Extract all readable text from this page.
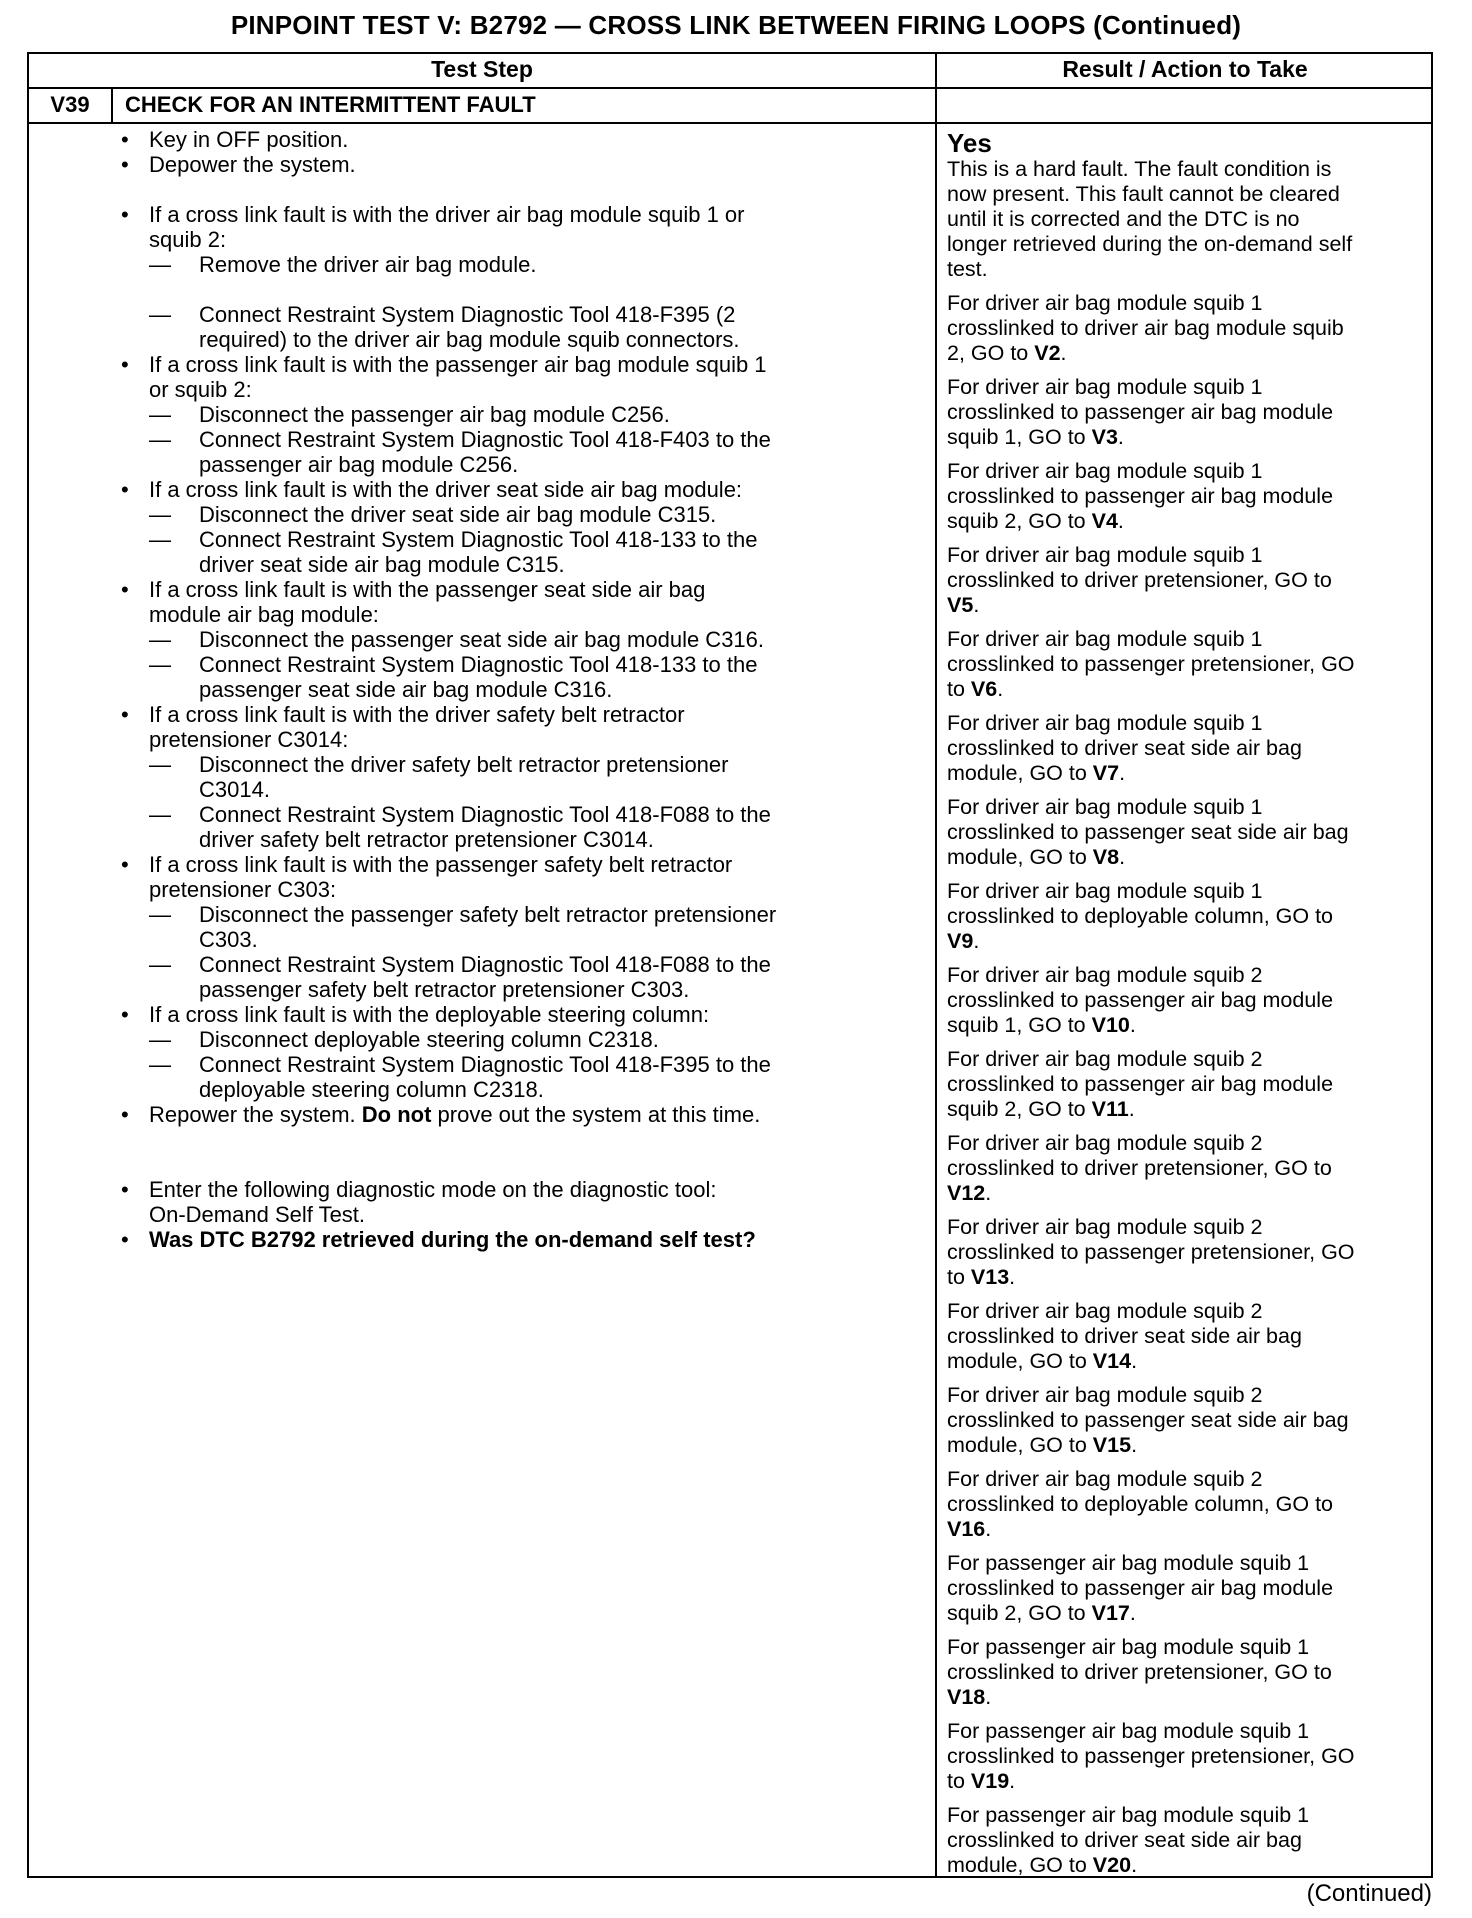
PINPOINT TEST V: B2792 — CROSS LINK BETWEEN FIRING LOOPS (Continued)
Test Step	Result / Action to Take
V39	CHECK FOR AN INTERMITTENT FAULT
• Key in OFF position.
• Depower the system.
• If a cross link fault is with the driver air bag module squib 1 or
squib 2:
— Remove the driver air bag module.
— Connect Restraint System Diagnostic Tool 418-F395 (2
required) to the driver air bag module squib connectors.
• If a cross link fault is with the passenger air bag module squib 1
or squib 2:
— Disconnect the passenger air bag module C256.
— Connect Restraint System Diagnostic Tool 418-F403 to the
passenger air bag module C256.
• If a cross link fault is with the driver seat side air bag module:
— Disconnect the driver seat side air bag module C315.
— Connect Restraint System Diagnostic Tool 418-133 to the
driver seat side air bag module C315.
• If a cross link fault is with the passenger seat side air bag
module air bag module:
— Disconnect the passenger seat side air bag module C316.
— Connect Restraint System Diagnostic Tool 418-133 to the
passenger seat side air bag module C316.
• If a cross link fault is with the driver safety belt retractor
pretensioner C3014:
— Disconnect the driver safety belt retractor pretensioner
C3014.
— Connect Restraint System Diagnostic Tool 418-F088 to the
driver safety belt retractor pretensioner C3014.
• If a cross link fault is with the passenger safety belt retractor
pretensioner C303:
— Disconnect the passenger safety belt retractor pretensioner
C303.
— Connect Restraint System Diagnostic Tool 418-F088 to the
passenger safety belt retractor pretensioner C303.
• If a cross link fault is with the deployable steering column:
— Disconnect deployable steering column C2318.
— Connect Restraint System Diagnostic Tool 418-F395 to the
deployable steering column C2318.
• Repower the system. Do not prove out the system at this time.
• Enter the following diagnostic mode on the diagnostic tool:
On-Demand Self Test.
• Was DTC B2792 retrieved during the on-demand self test?
Yes
This is a hard fault. The fault condition is
now present. This fault cannot be cleared
until it is corrected and the DTC is no
longer retrieved during the on-demand self
test.
For driver air bag module squib 1
crosslinked to driver air bag module squib
2, GO to V2.
For driver air bag module squib 1
crosslinked to passenger air bag module
squib 1, GO to V3.
For driver air bag module squib 1
crosslinked to passenger air bag module
squib 2, GO to V4.
For driver air bag module squib 1
crosslinked to driver pretensioner, GO to
V5.
For driver air bag module squib 1
crosslinked to passenger pretensioner, GO
to V6.
For driver air bag module squib 1
crosslinked to driver seat side air bag
module, GO to V7.
For driver air bag module squib 1
crosslinked to passenger seat side air bag
module, GO to V8.
For driver air bag module squib 1
crosslinked to deployable column, GO to
V9.
For driver air bag module squib 2
crosslinked to passenger air bag module
squib 1, GO to V10.
For driver air bag module squib 2
crosslinked to passenger air bag module
squib 2, GO to V11.
For driver air bag module squib 2
crosslinked to driver pretensioner, GO to
V12.
For driver air bag module squib 2
crosslinked to passenger pretensioner, GO
to V13.
For driver air bag module squib 2
crosslinked to driver seat side air bag
module, GO to V14.
For driver air bag module squib 2
crosslinked to passenger seat side air bag
module, GO to V15.
For driver air bag module squib 2
crosslinked to deployable column, GO to
V16.
For passenger air bag module squib 1
crosslinked to passenger air bag module
squib 2, GO to V17.
For passenger air bag module squib 1
crosslinked to driver pretensioner, GO to
V18.
For passenger air bag module squib 1
crosslinked to passenger pretensioner, GO
to V19.
For passenger air bag module squib 1
crosslinked to driver seat side air bag
module, GO to V20.
(Continued)
